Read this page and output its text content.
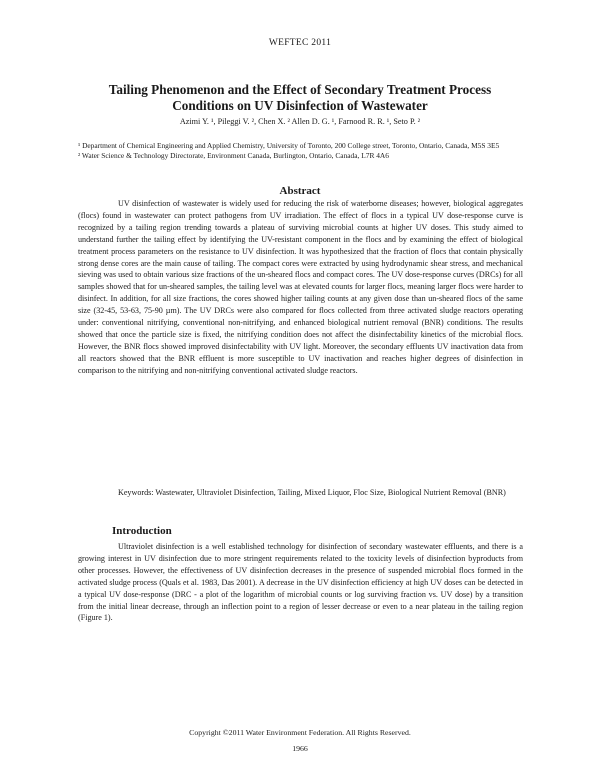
WEFTEC 2011
Tailing Phenomenon and the Effect of Secondary Treatment Process
Conditions on UV Disinfection of Wastewater
Azimi Y. ¹, Pileggi V. ², Chen X. ² Allen D. G. ¹, Farnood R. R. ¹, Seto P. ²
¹ Department of Chemical Engineering and Applied Chemistry, University of Toronto, 200 College street, Toronto, Ontario, Canada, M5S 3E5
² Water Science & Technology Directorate, Environment Canada, Burlington, Ontario, Canada, L7R 4A6
Abstract

UV disinfection of wastewater is widely used for reducing the risk of waterborne diseases; however, biological aggregates (flocs) found in wastewater can protect pathogens from UV irradiation. The effect of flocs in a typical UV dose-response curve is recognized by a tailing region trending towards a plateau of surviving microbial counts at higher UV doses. This study aimed to understand further the tailing effect by identifying the UV-resistant component in the flocs and by examining the effect of biological treatment process parameters on the resistance to UV disinfection. It was hypothesized that the fraction of flocs that contain physically strong dense cores are the main cause of tailing. The compact cores were extracted by using hydrodynamic shear stress, and mechanical sieving was used to obtain various size fractions of the un-sheared flocs and compact cores. The UV dose-response curves (DRCs) for all samples showed that for un-sheared samples, the tailing level was at elevated counts for larger flocs, meaning larger flocs were harder to disinfect. In addition, for all size fractions, the cores showed higher tailing counts at any given dose than un-sheared flocs of the same size (32-45, 53-63, 75-90 µm). The UV DRCs were also compared for flocs collected from three activated sludge reactors operating under: conventional nitrifying, conventional non-nitrifying, and enhanced biological nutrient removal (BNR) conditions. The results showed that once the particle size is fixed, the nitrifying condition does not affect the disinfectability kinetics of the microbial flocs. However, the BNR flocs showed improved disinfectability with UV light. Moreover, the secondary effluents UV inactivation data from all reactors showed that the BNR effluent is more susceptible to UV inactivation and reaches higher degrees of disinfection in comparison to the nitrifying and non-nitrifying conventional activated sludge reactors.

Keywords: Wastewater, Ultraviolet Disinfection, Tailing, Mixed Liquor, Floc Size, Biological Nutrient Removal (BNR)

Introduction

Ultraviolet disinfection is a well established technology for disinfection of secondary wastewater effluents, and there is a growing interest in UV disinfection due to more stringent requirements related to the toxicity levels of disinfection byproducts from other processes. However, the effectiveness of UV disinfection decreases in the presence of suspended microbial flocs formed in the activated sludge process (Quals et al. 1983, Das 2001). A decrease in the UV disinfection efficiency at high UV doses can be detected in a typical UV dose-response (DRC - a plot of the logarithm of microbial counts or log surviving fraction vs. UV dose) by a transition from the initial linear decrease, through an inflection point to a region of lesser decrease or even to a near plateau in the tailing region (Figure 1).

Copyright ©2011 Water Environment Federation. All Rights Reserved.
1966
